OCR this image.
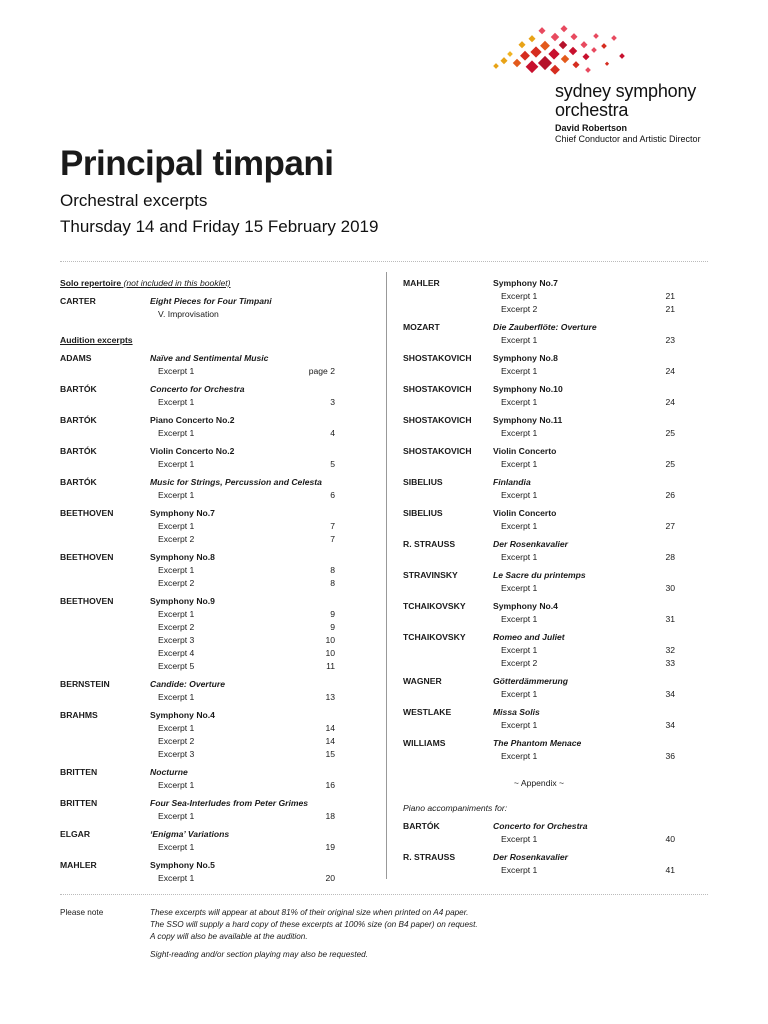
sydney symphony
orchestra
David Robertson
Chief Conductor and Artistic Director
Principal timpani
Orchestral excerpts
Thursday 14 and Friday 15 February 2019
Solo repertoire (not included in this booklet)
CARTER	Eight Pieces for Four Timpani
V. Improvisation
Audition excerpts
ADAMS	Naïve and Sentimental Music
Excerpt 1	page 2
BARTÓK	Concerto for Orchestra
Excerpt 1	3
BARTÓK	Piano Concerto No.2
Excerpt 1	4
BARTÓK	Violin Concerto No.2
Excerpt 1	5
BARTÓK	Music for Strings, Percussion and Celesta
Excerpt 1	6
BEETHOVEN	Symphony No.7
Excerpt 1	7
Excerpt 2	7
BEETHOVEN	Symphony No.8
Excerpt 1	8
Excerpt 2	8
BEETHOVEN	Symphony No.9
Excerpt 1	9
Excerpt 2	9
Excerpt 3	10
Excerpt 4	10
Excerpt 5	11
BERNSTEIN	Candide: Overture
Excerpt 1	13
BRAHMS	Symphony No.4
Excerpt 1	14
Excerpt 2	14
Excerpt 3	15
BRITTEN	Nocturne
Excerpt 1	16
BRITTEN	Four Sea-Interludes from Peter Grimes
Excerpt 1	18
ELGAR	‘Enigma’ Variations
Excerpt 1	19
MAHLER	Symphony No.5
Excerpt 1	20
MAHLER	Symphony No.7
Excerpt 1	21
Excerpt 2	21
MOZART	Die Zauberflöte: Overture
Excerpt 1	23
SHOSTAKOVICH	Symphony No.8
Excerpt 1	24
SHOSTAKOVICH	Symphony No.10
Excerpt 1	24
SHOSTAKOVICH	Symphony No.11
Excerpt 1	25
SHOSTAKOVICH	Violin Concerto
Excerpt 1	25
SIBELIUS	Finlandia
Excerpt 1	26
SIBELIUS	Violin Concerto
Excerpt 1	27
R. STRAUSS	Der Rosenkavalier
Excerpt 1	28
STRAVINSKY	Le Sacre du printemps
Excerpt 1	30
TCHAIKOVSKY	Symphony No.4
Excerpt 1	31
TCHAIKOVSKY	Romeo and Juliet
Excerpt 1	32
Excerpt 2	33
WAGNER	Götterdämmerung
Excerpt 1	34
WESTLAKE	Missa Solis
Excerpt 1	34
WILLIAMS	The Phantom Menace
Excerpt 1	36
~ Appendix ~
Piano accompaniments for:
BARTÓK	Concerto for Orchestra
Excerpt 1	40
R. STRAUSS	Der Rosenkavalier
Excerpt 1	41
Please note	These excerpts will appear at about 81% of their original size when printed on A4 paper.
The SSO will supply a hard copy of these excerpts at 100% size (on B4 paper) on request.
A copy will also be available at the audition.
Sight-reading and/or section playing may also be requested.
